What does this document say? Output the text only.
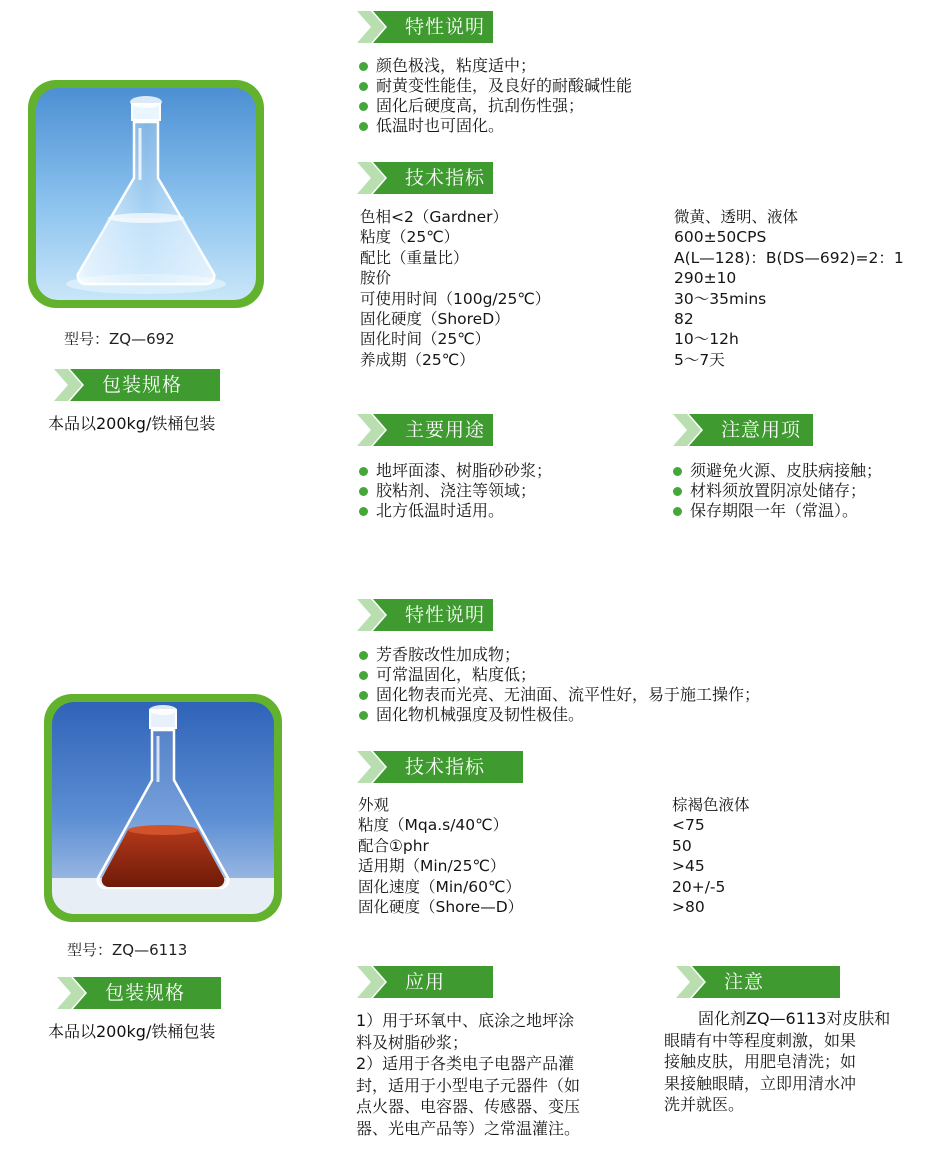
型号：ZQ—692
包装规格
本品以200kg/铁桶包装
特性说明
颜色极浅，粘度适中；
耐黄变性能佳，及良好的耐酸碱性能
固化后硬度高，抗刮伤性强；
低温时也可固化。
技术指标
色相<2（Gardner）	微黄、透明、液体
粘度（25℃）	600±50CPS
配比（重量比）	A(L—128)：B(DS—692)=2：1
胺价	290±10
可使用时间（100g/25℃）	30～35mins
固化硬度（ShoreD）	82
固化时间（25℃）	10～12h
养成期（25℃）	5～7天
主要用途
地坪面漆、树脂砂砂浆；
胶粘剂、浇注等领域；
北方低温时适用。
注意用项
须避免火源、皮肤病接触；
材料须放置阴凉处储存；
保存期限一年（常温）。
型号：ZQ—6113
包装规格
本品以200kg/铁桶包装
特性说明
芳香胺改性加成物；
可常温固化，粘度低；
固化物表而光亮、无油面、流平性好，易于施工操作；
固化物机械强度及韧性极佳。
技术指标
外观	棕褐色液体
粘度（Mqa.s/40℃）	<75
配合①phr	50
适用期（Min/25℃）	>45
固化速度（Min/60℃）	20+/-5
固化硬度（Shore—D）	>80
应用
1）用于环氧中、底涂之地坪涂
料及树脂砂浆；
2）适用于各类电子电器产品灌
封，适用于小型电子元器件（如
点火器、电容器、传感器、变压
器、光电产品等）之常温灌注。
注意
固化剂ZQ—6113对皮肤和
眼睛有中等程度刺激，如果
接触皮肤，用肥皂清洗；如
果接触眼睛，立即用清水冲
洗并就医。
